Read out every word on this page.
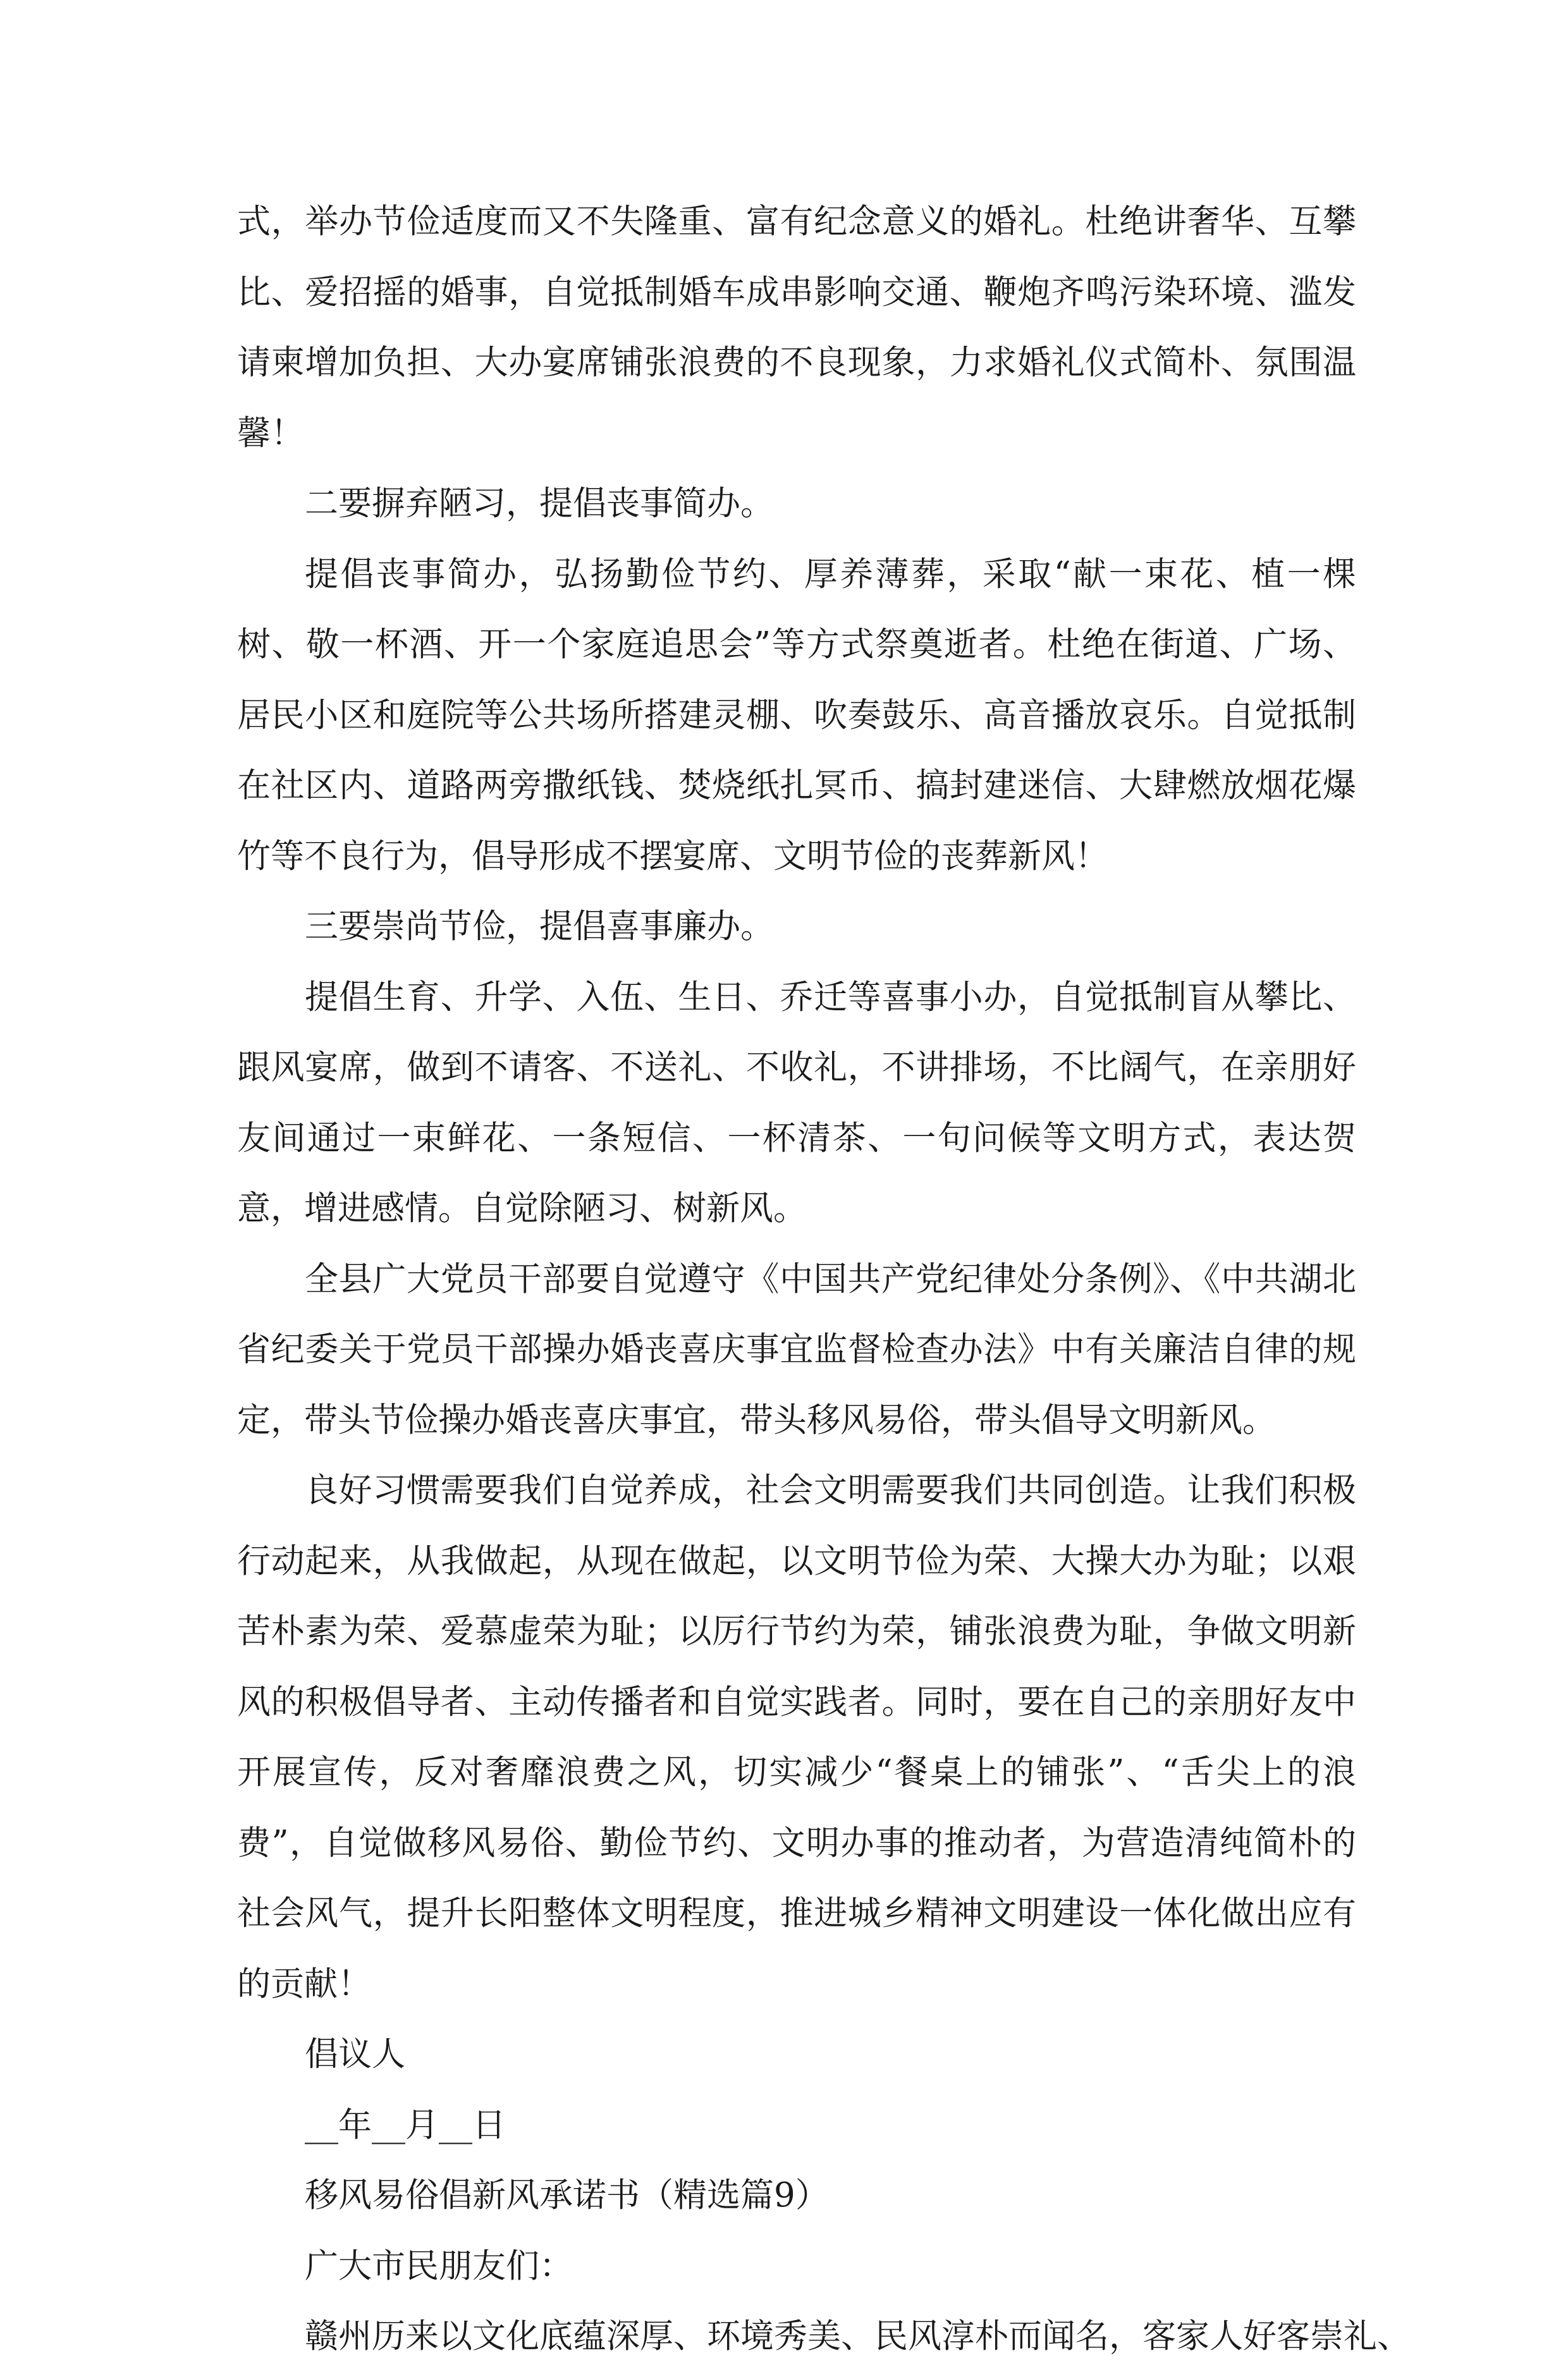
式，举办节俭适度而又不失隆重、富有纪念意义的婚礼。杜绝讲奢华、互攀比、爱招摇的婚事，自觉抵制婚车成串影响交通、鞭炮齐鸣污染环境、滥发请柬增加负担、大办宴席铺张浪费的不良现象，力求婚礼仪式简朴、氛围温馨！

二要摒弃陋习，提倡丧事简办。

提倡丧事简办，弘扬勤俭节约、厚养薄葬，采取“献一束花、植一棵树、敬一杯酒、开一个家庭追思会”等方式祭奠逝者。杜绝在街道、广场、居民小区和庭院等公共场所搭建灵棚、吹奏鼓乐、高音播放哀乐。自觉抵制在社区内、道路两旁撒纸钱、焚烧纸扎冥币、搞封建迷信、大肆燃放烟花爆竹等不良行为，倡导形成不摆宴席、文明节俭的丧葬新风！

三要崇尚节俭，提倡喜事廉办。

提倡生育、升学、入伍、生日、乔迁等喜事小办，自觉抵制盲从攀比、跟风宴席，做到不请客、不送礼、不收礼，不讲排场，不比阔气，在亲朋好友间通过一束鲜花、一条短信、一杯清茶、一句问候等文明方式，表达贺意，增进感情。自觉除陋习、树新风。

全县广大党员干部要自觉遵守《中国共产党纪律处分条例》、《中共湖北省纪委关于党员干部操办婚丧喜庆事宜监督检查办法》中有关廉洁自律的规定，带头节俭操办婚丧喜庆事宜，带头移风易俗，带头倡导文明新风。

良好习惯需要我们自觉养成，社会文明需要我们共同创造。让我们积极行动起来，从我做起，从现在做起，以文明节俭为荣、大操大办为耻；以艰苦朴素为荣、爱慕虚荣为耻；以厉行节约为荣，铺张浪费为耻，争做文明新风的积极倡导者、主动传播者和自觉实践者。同时，要在自己的亲朋好友中开展宣传，反对奢靡浪费之风，切实减少“餐桌上的铺张”、“舌尖上的浪费”，自觉做移风易俗、勤俭节约、文明办事的推动者，为营造清纯简朴的社会风气，提升长阳整体文明程度，推进城乡精神文明建设一体化做出应有的贡献！

倡议人

__年__月__日

移风易俗倡新风承诺书（精选篇9）

广大市民朋友们：

赣州历来以文化底蕴深厚、环境秀美、民风淳朴而闻名，客家人好客崇礼、
